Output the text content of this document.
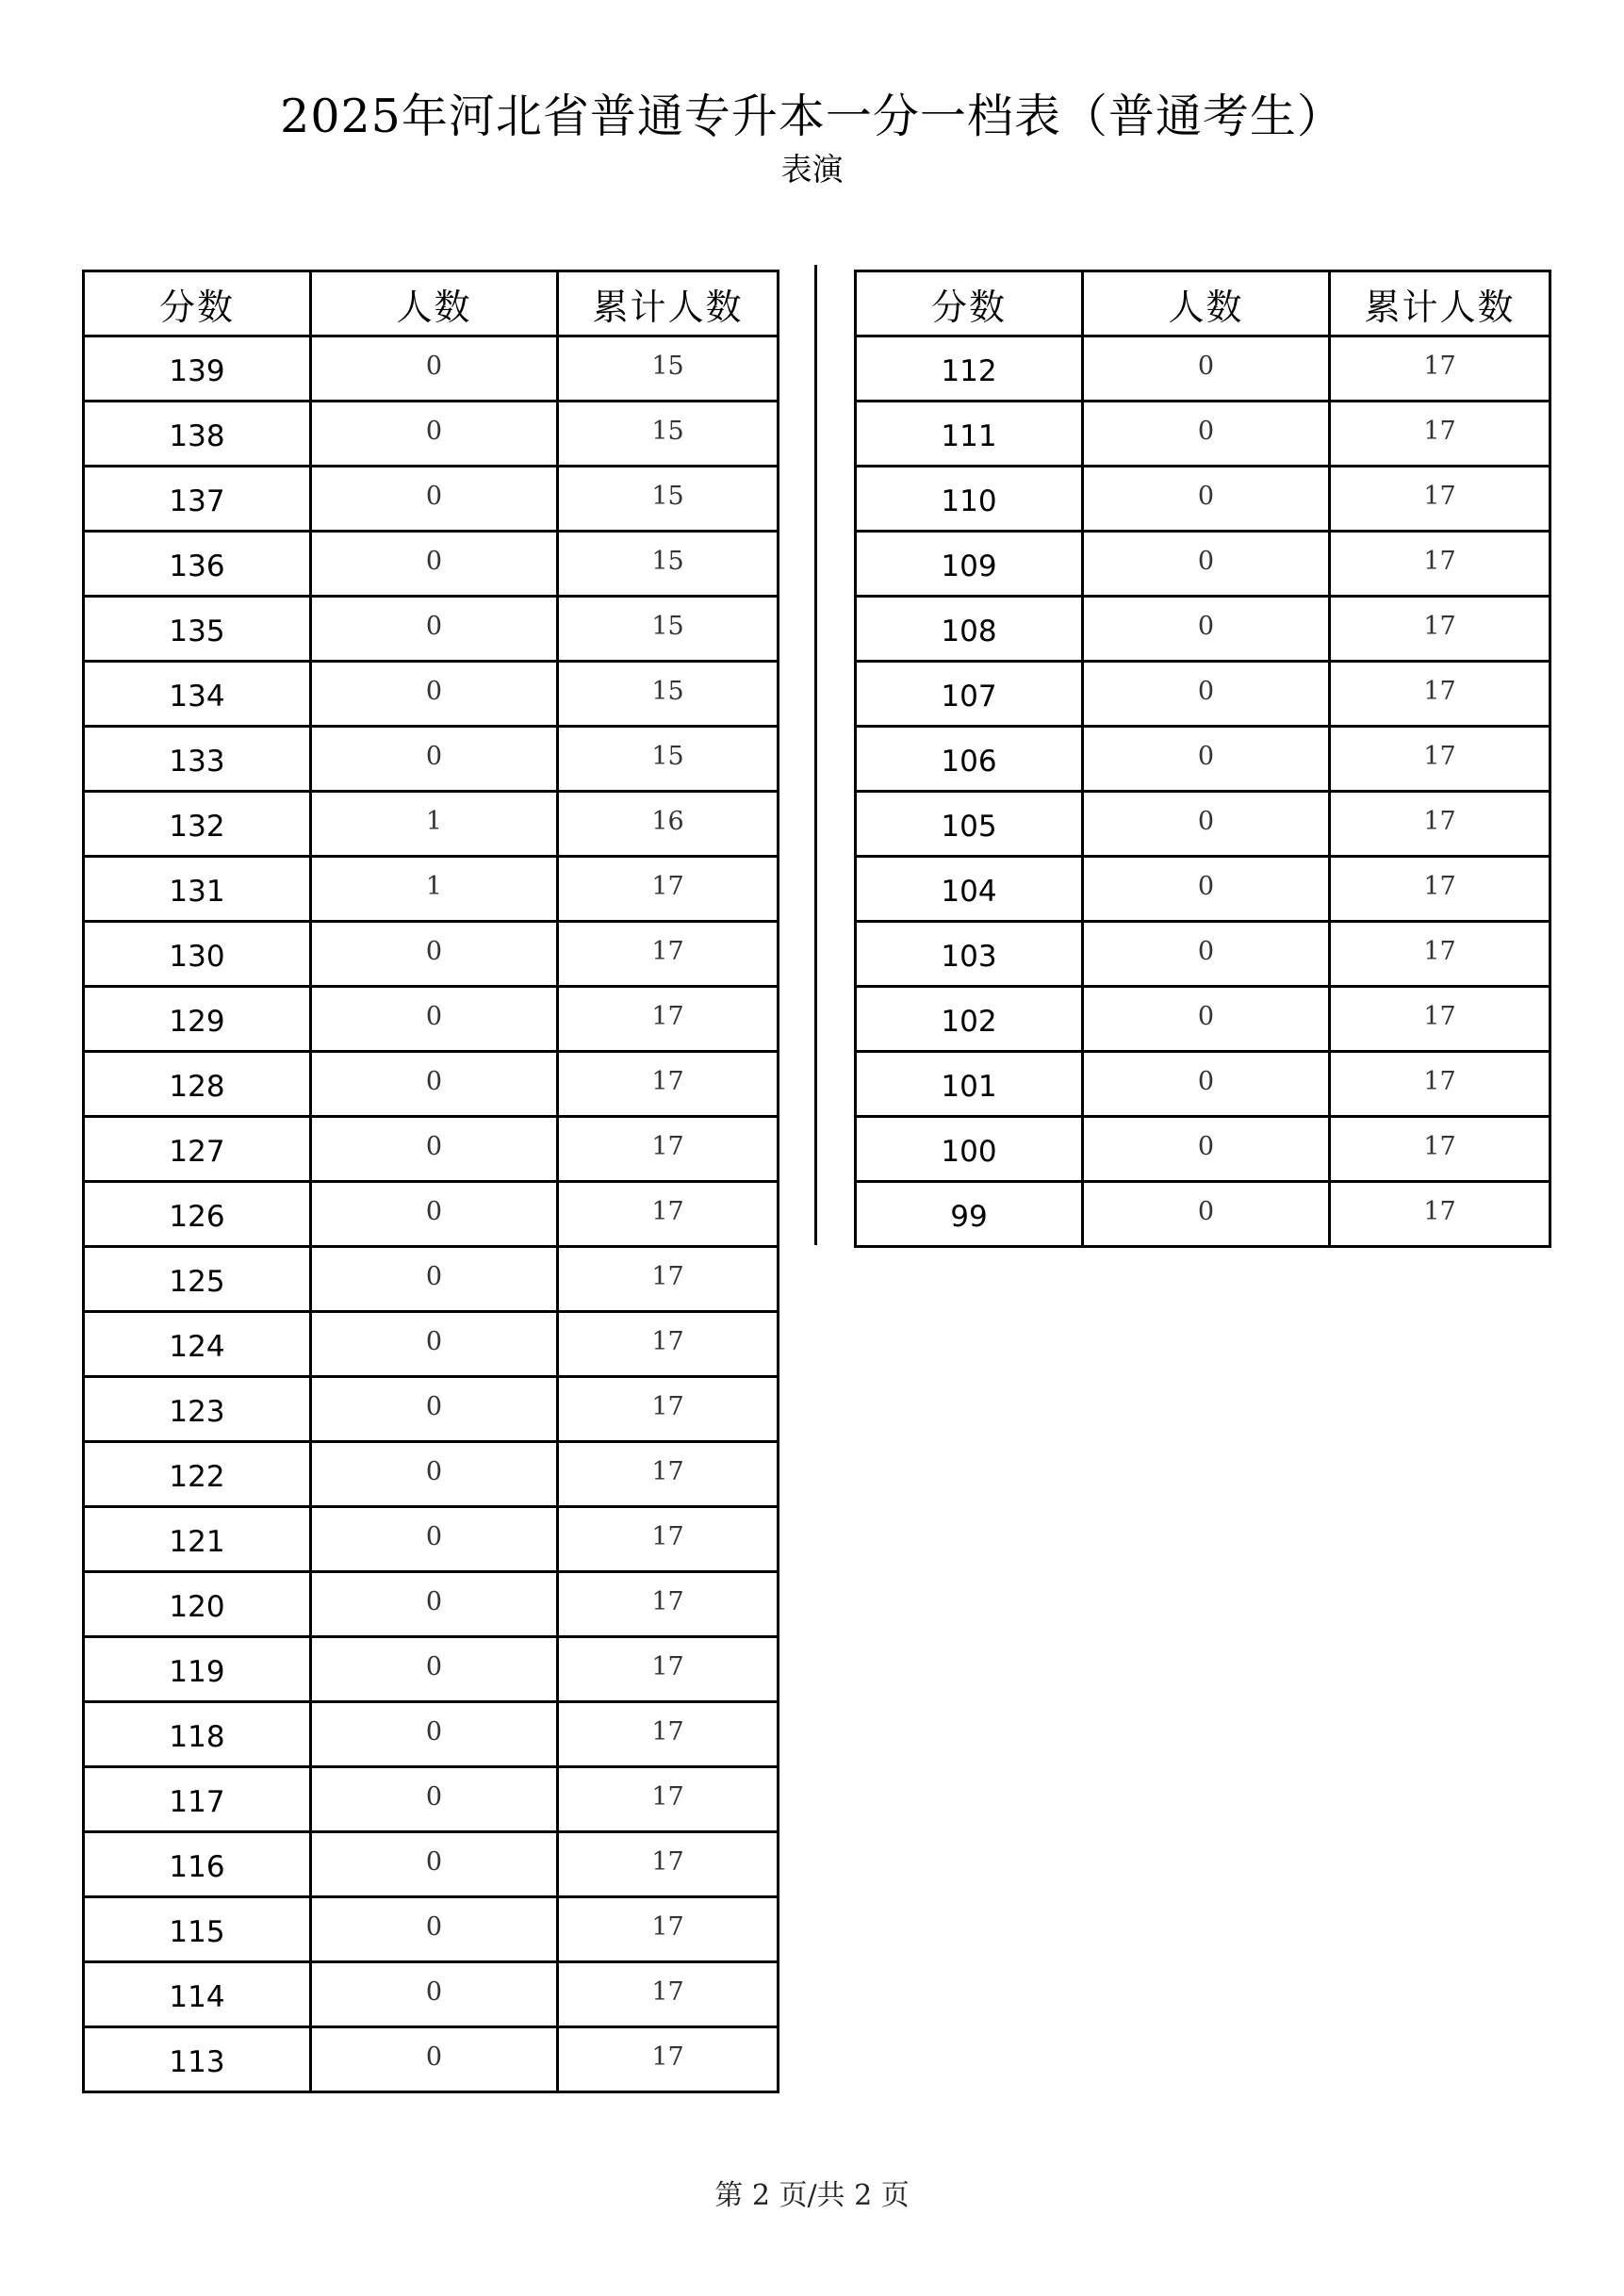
2025年河北省普通专升本一分一档表（普通考生）
表演
分数	人数	累计人数
139	0	15
138	0	15
137	0	15
136	0	15
135	0	15
134	0	15
133	0	15
132	1	16
131	1	17
130	0	17
129	0	17
128	0	17
127	0	17
126	0	17
125	0	17
124	0	17
123	0	17
122	0	17
121	0	17
120	0	17
119	0	17
118	0	17
117	0	17
116	0	17
115	0	17
114	0	17
113	0	17
分数	人数	累计人数
112	0	17
111	0	17
110	0	17
109	0	17
108	0	17
107	0	17
106	0	17
105	0	17
104	0	17
103	0	17
102	0	17
101	0	17
100	0	17
99	0	17
第 2 页/共 2 页
